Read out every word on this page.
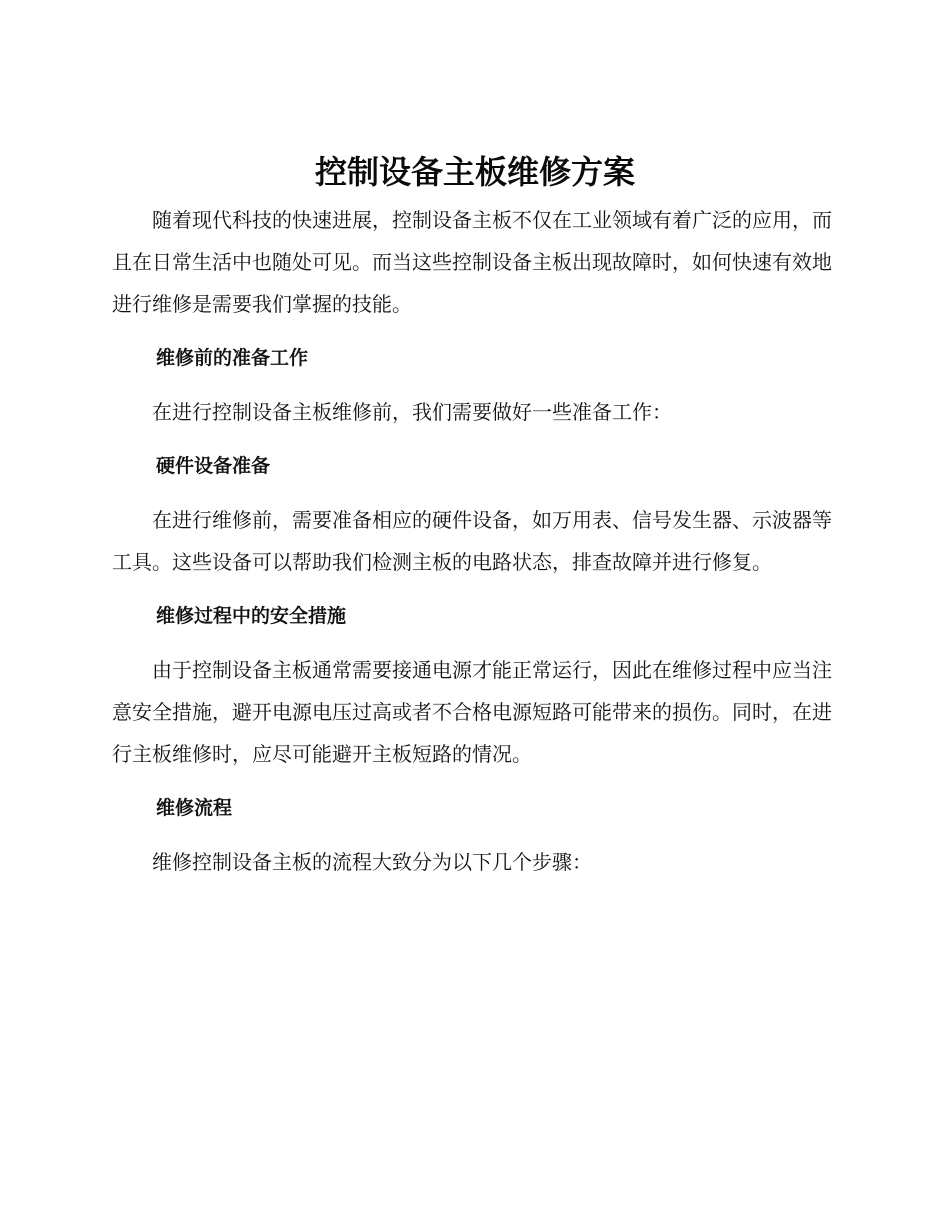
控制设备主板维修方案

随着现代科技的快速进展，控制设备主板不仅在工业领域有着广泛的应用，而且在日常生活中也随处可见。而当这些控制设备主板出现故障时，如何快速有效地进行维修是需要我们掌握的技能。

维修前的准备工作

在进行控制设备主板维修前，我们需要做好一些准备工作：

硬件设备准备

在进行维修前，需要准备相应的硬件设备，如万用表、信号发生器、示波器等工具。这些设备可以帮助我们检测主板的电路状态，排查故障并进行修复。

维修过程中的安全措施

由于控制设备主板通常需要接通电源才能正常运行，因此在维修过程中应当注意安全措施，避开电源电压过高或者不合格电源短路可能带来的损伤。同时，在进行主板维修时，应尽可能避开主板短路的情况。

维修流程

维修控制设备主板的流程大致分为以下几个步骤：
